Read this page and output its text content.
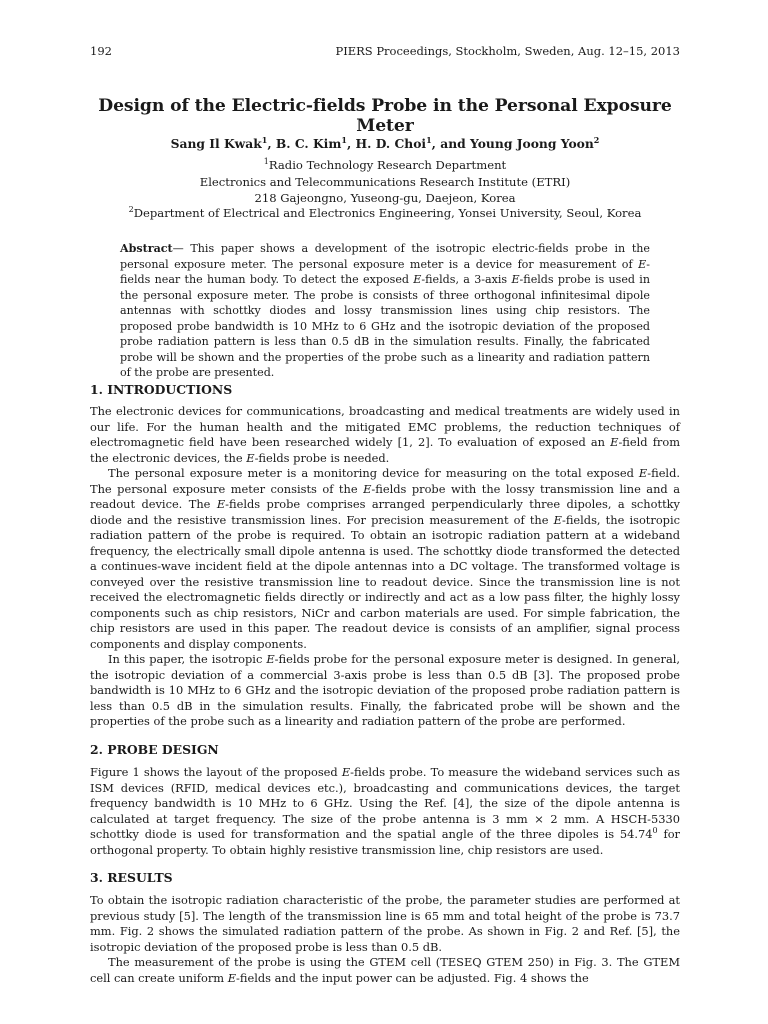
192	PIERS Proceedings, Stockholm, Sweden, Aug. 12–15, 2013
Design of the Electric-fields Probe in the Personal Exposure Meter
Sang Il Kwak$^1$, B. C. Kim$^1$, H. D. Choi$^1$, and Young Joong Yoon$^2$
$^1$Radio Technology Research Department
Electronics and Telecommunications Research Institute (ETRI)
218 Gajeongno, Yuseong-gu, Daejeon, Korea
$^2$Department of Electrical and Electronics Engineering, Yonsei University, Seoul, Korea
Abstract— This paper shows a development of the isotropic electric-fields probe in the personal exposure meter. The personal exposure meter is a device for measurement of E-fields near the human body. To detect the exposed E-fields, a 3-axis E-fields probe is used in the personal exposure meter. The probe is consists of three orthogonal infinitesimal dipole antennas with schottky diodes and lossy transmission lines using chip resistors. The proposed probe bandwidth is 10 MHz to 6 GHz and the isotropic deviation of the proposed probe radiation pattern is less than 0.5 dB in the simulation results. Finally, the fabricated probe will be shown and the properties of the probe such as a linearity and radiation pattern of the probe are presented.
1. INTRODUCTIONS

The electronic devices for communications, broadcasting and medical treatments are widely used in our life. For the human health and the mitigated EMC problems, the reduction techniques of electromagnetic field have been researched widely [1, 2]. To evaluation of exposed an E-field from the electronic devices, the E-fields probe is needed.

The personal exposure meter is a monitoring device for measuring on the total exposed E-field. The personal exposure meter consists of the E-fields probe with the lossy transmission line and a readout device. The E-fields probe comprises arranged perpendicularly three dipoles, a schottky diode and the resistive transmission lines. For precision measurement of the E-fields, the isotropic radiation pattern of the probe is required. To obtain an isotropic radiation pattern at a wideband frequency, the electrically small dipole antenna is used. The schottky diode transformed the detected a continues-wave incident field at the dipole antennas into a DC voltage. The transformed voltage is conveyed over the resistive transmission line to readout device. Since the transmission line is not received the electromagnetic fields directly or indirectly and act as a low pass filter, the highly lossy components such as chip resistors, NiCr and carbon materials are used. For simple fabrication, the chip resistors are used in this paper. The readout device is consists of an amplifier, signal process components and display components.

In this paper, the isotropic E-fields probe for the personal exposure meter is designed. In general, the isotropic deviation of a commercial 3-axis probe is less than 0.5 dB [3]. The proposed probe bandwidth is 10 MHz to 6 GHz and the isotropic deviation of the proposed probe radiation pattern is less than 0.5 dB in the simulation results. Finally, the fabricated probe will be shown and the properties of the probe such as a linearity and radiation pattern of the probe are performed.

2. PROBE DESIGN

Figure 1 shows the layout of the proposed E-fields probe. To measure the wideband services such as ISM devices (RFID, medical devices etc.), broadcasting and communications devices, the target frequency bandwidth is 10 MHz to 6 GHz. Using the Ref. [4], the size of the dipole antenna is calculated at target frequency. The size of the probe antenna is 3 mm × 2 mm. A HSCH-5330 schottky diode is used for transformation and the spatial angle of the three dipoles is 54.74$^0$ for orthogonal property. To obtain highly resistive transmission line, chip resistors are used.

3. RESULTS

To obtain the isotropic radiation characteristic of the probe, the parameter studies are performed at previous study [5]. The length of the transmission line is 65 mm and total height of the probe is 73.7 mm. Fig. 2 shows the simulated radiation pattern of the probe. As shown in Fig. 2 and Ref. [5], the isotropic deviation of the proposed probe is less than 0.5 dB.

The measurement of the probe is using the GTEM cell (TESEQ GTEM 250) in Fig. 3. The GTEM cell can create uniform E-fields and the input power can be adjusted. Fig. 4 shows the
